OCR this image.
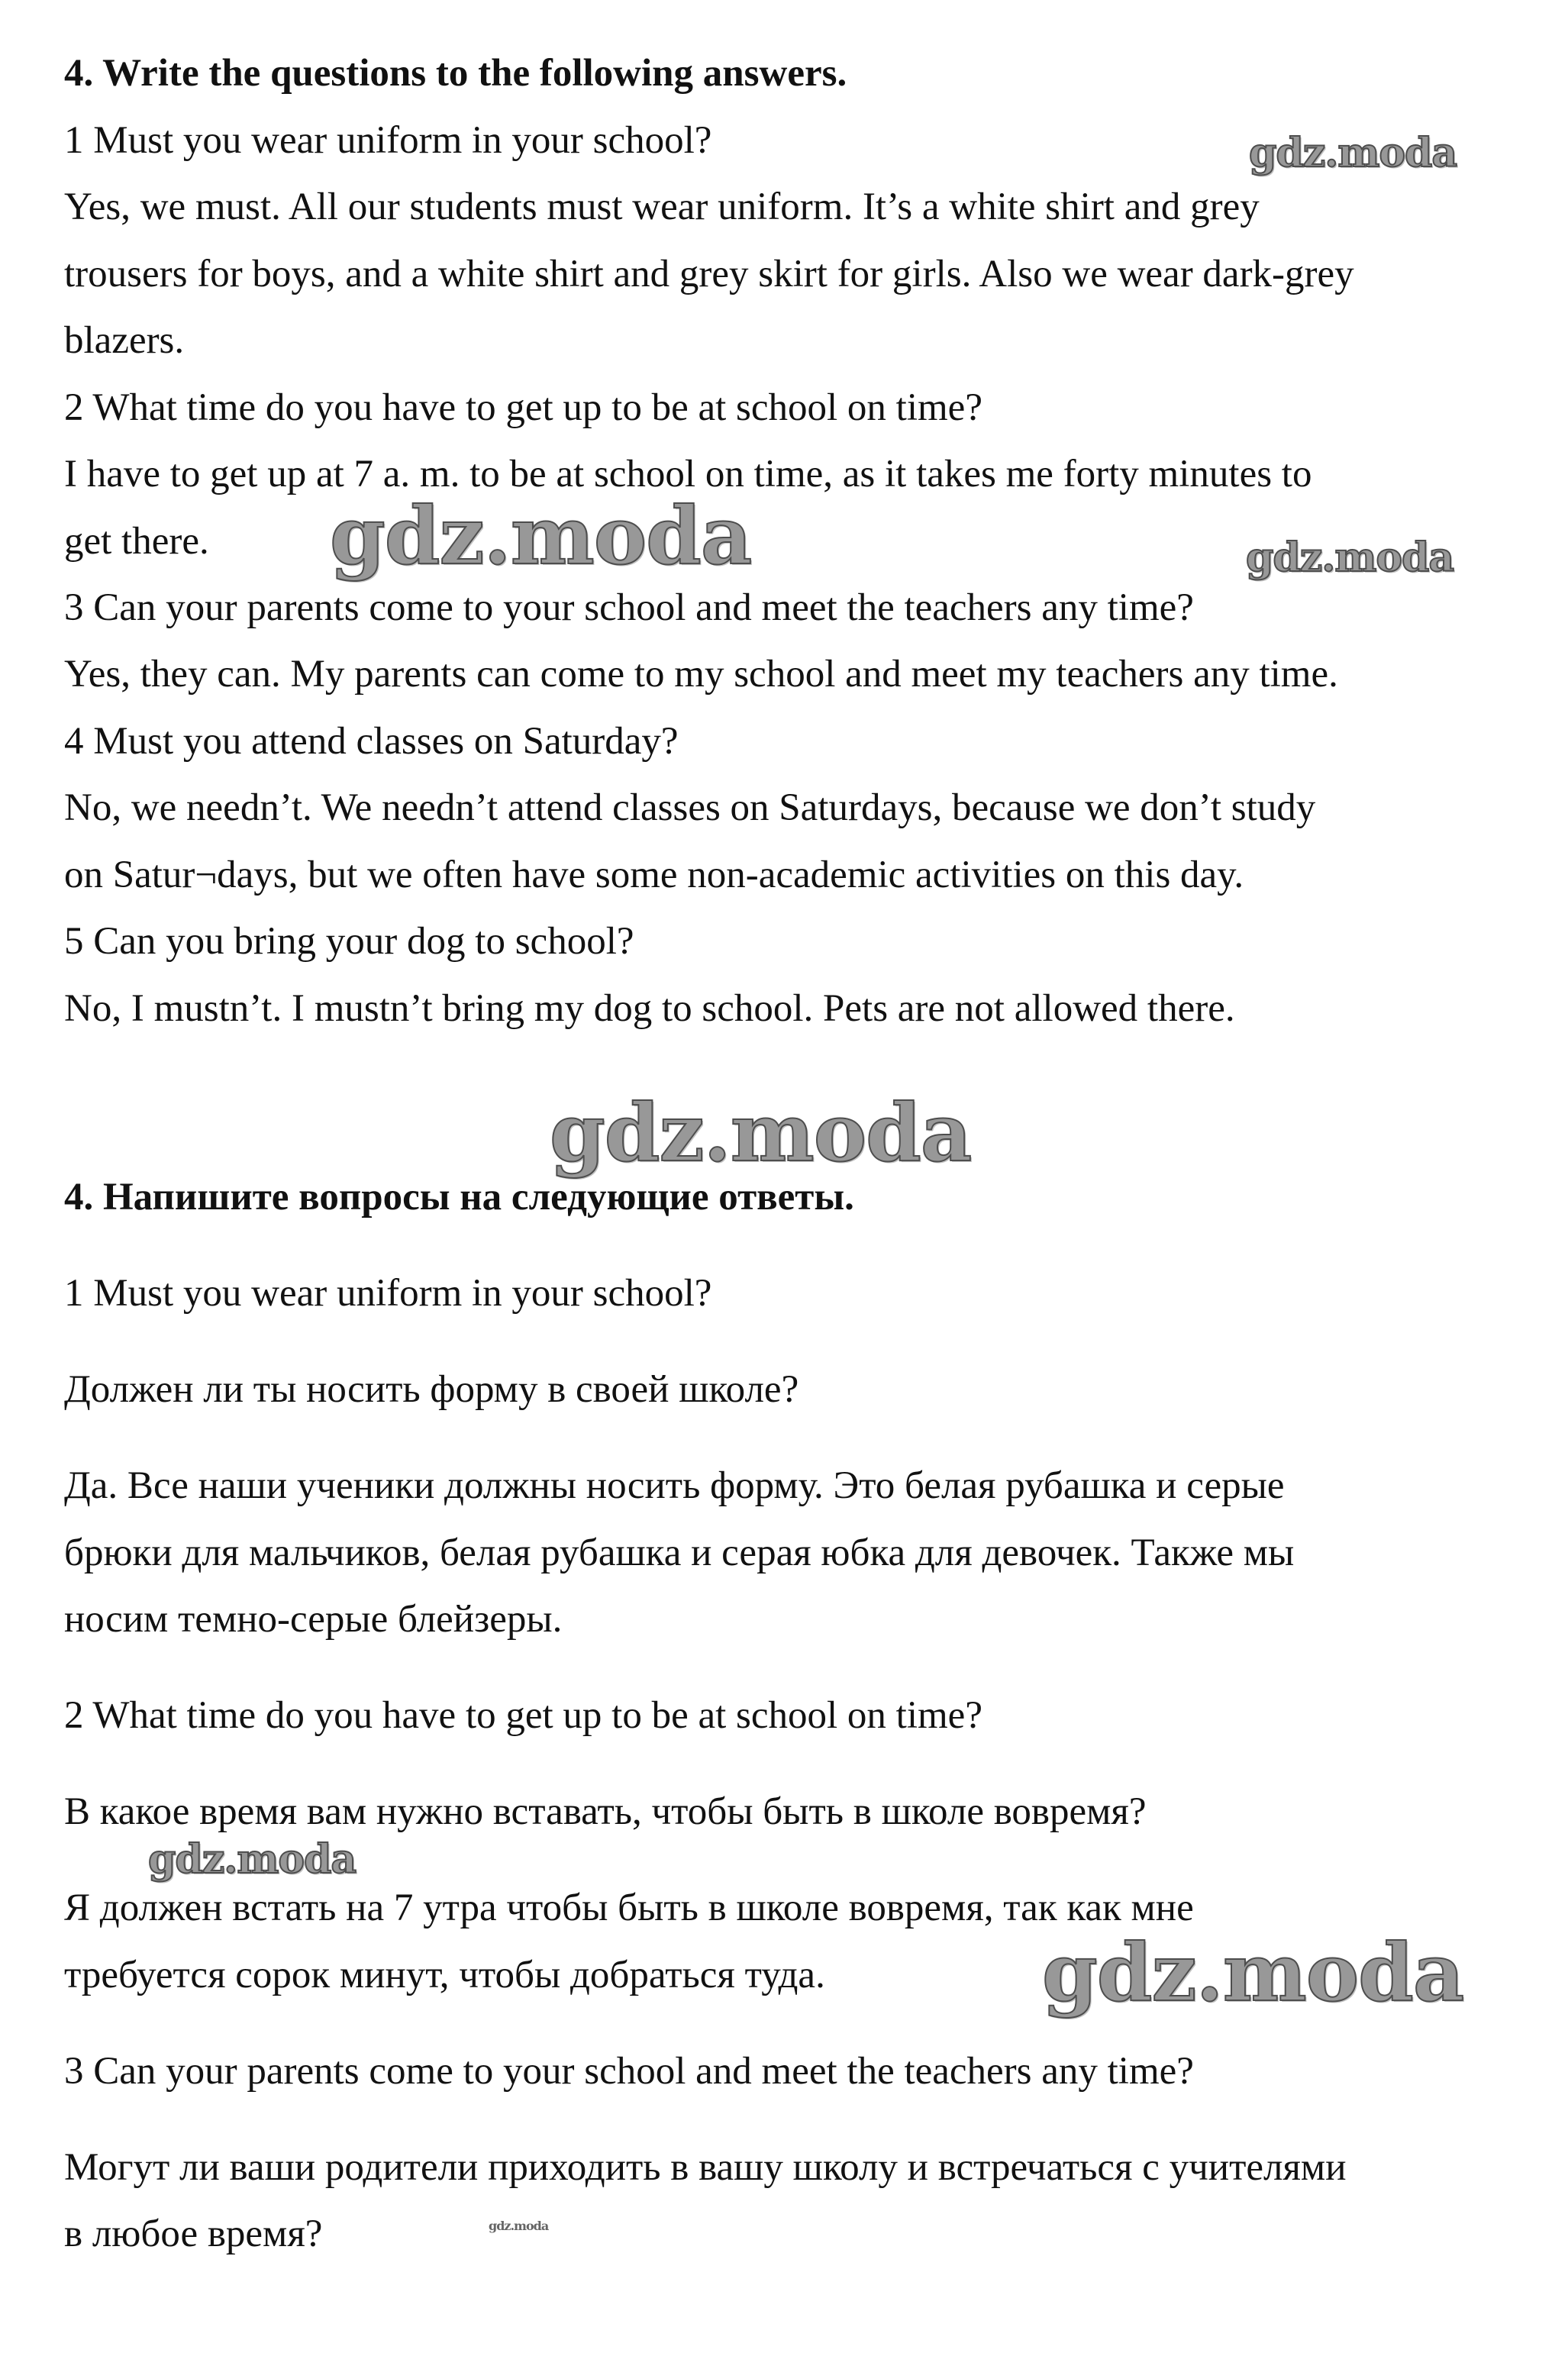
4. Write the questions to the following answers.

1 Must you wear uniform in your school?

Yes, we must. All our students must wear uniform. It’s a white shirt and grey

trousers for boys, and a white shirt and grey skirt for girls. Also we wear dark-grey

blazers.

2 What time do you have to get up to be at school on time?

I have to get up at 7 a. m. to be at school on time, as it takes me forty minutes to

get there.

3 Can your parents come to your school and meet the teachers any time?

Yes, they can. My parents can come to my school and meet my teachers any time.

4 Must you attend classes on Saturday?

No, we needn’t. We needn’t attend classes on Saturdays, because we don’t study

on Satur¬days, but we often have some non-academic activities on this day.

5 Can you bring your dog to school?

No, I mustn’t. I mustn’t bring my dog to school. Pets are not allowed there.

4. Напишите вопросы на следующие ответы.

1 Must you wear uniform in your school?

Должен ли ты носить форму в своей школе?

Да. Все наши ученики должны носить форму. Это белая рубашка и серые

брюки для мальчиков, белая рубашка и серая юбка для девочек. Также мы

носим темно-серые блейзеры.

2 What time do you have to get up to be at school on time?

В какое время вам нужно вставать, чтобы быть в школе вовремя?

Я должен встать на 7 утра чтобы быть в школе вовремя, так как мне

требуется сорок минут, чтобы добраться туда.

3 Can your parents come to your school and meet the teachers any time?

Могут ли ваши родители приходить в вашу школу и встречаться с учителями

в любое время?

gdz.moda

gdz.moda	gdz.moda

gdz.moda

gdz.moda

gdz.moda

gdz.moda
